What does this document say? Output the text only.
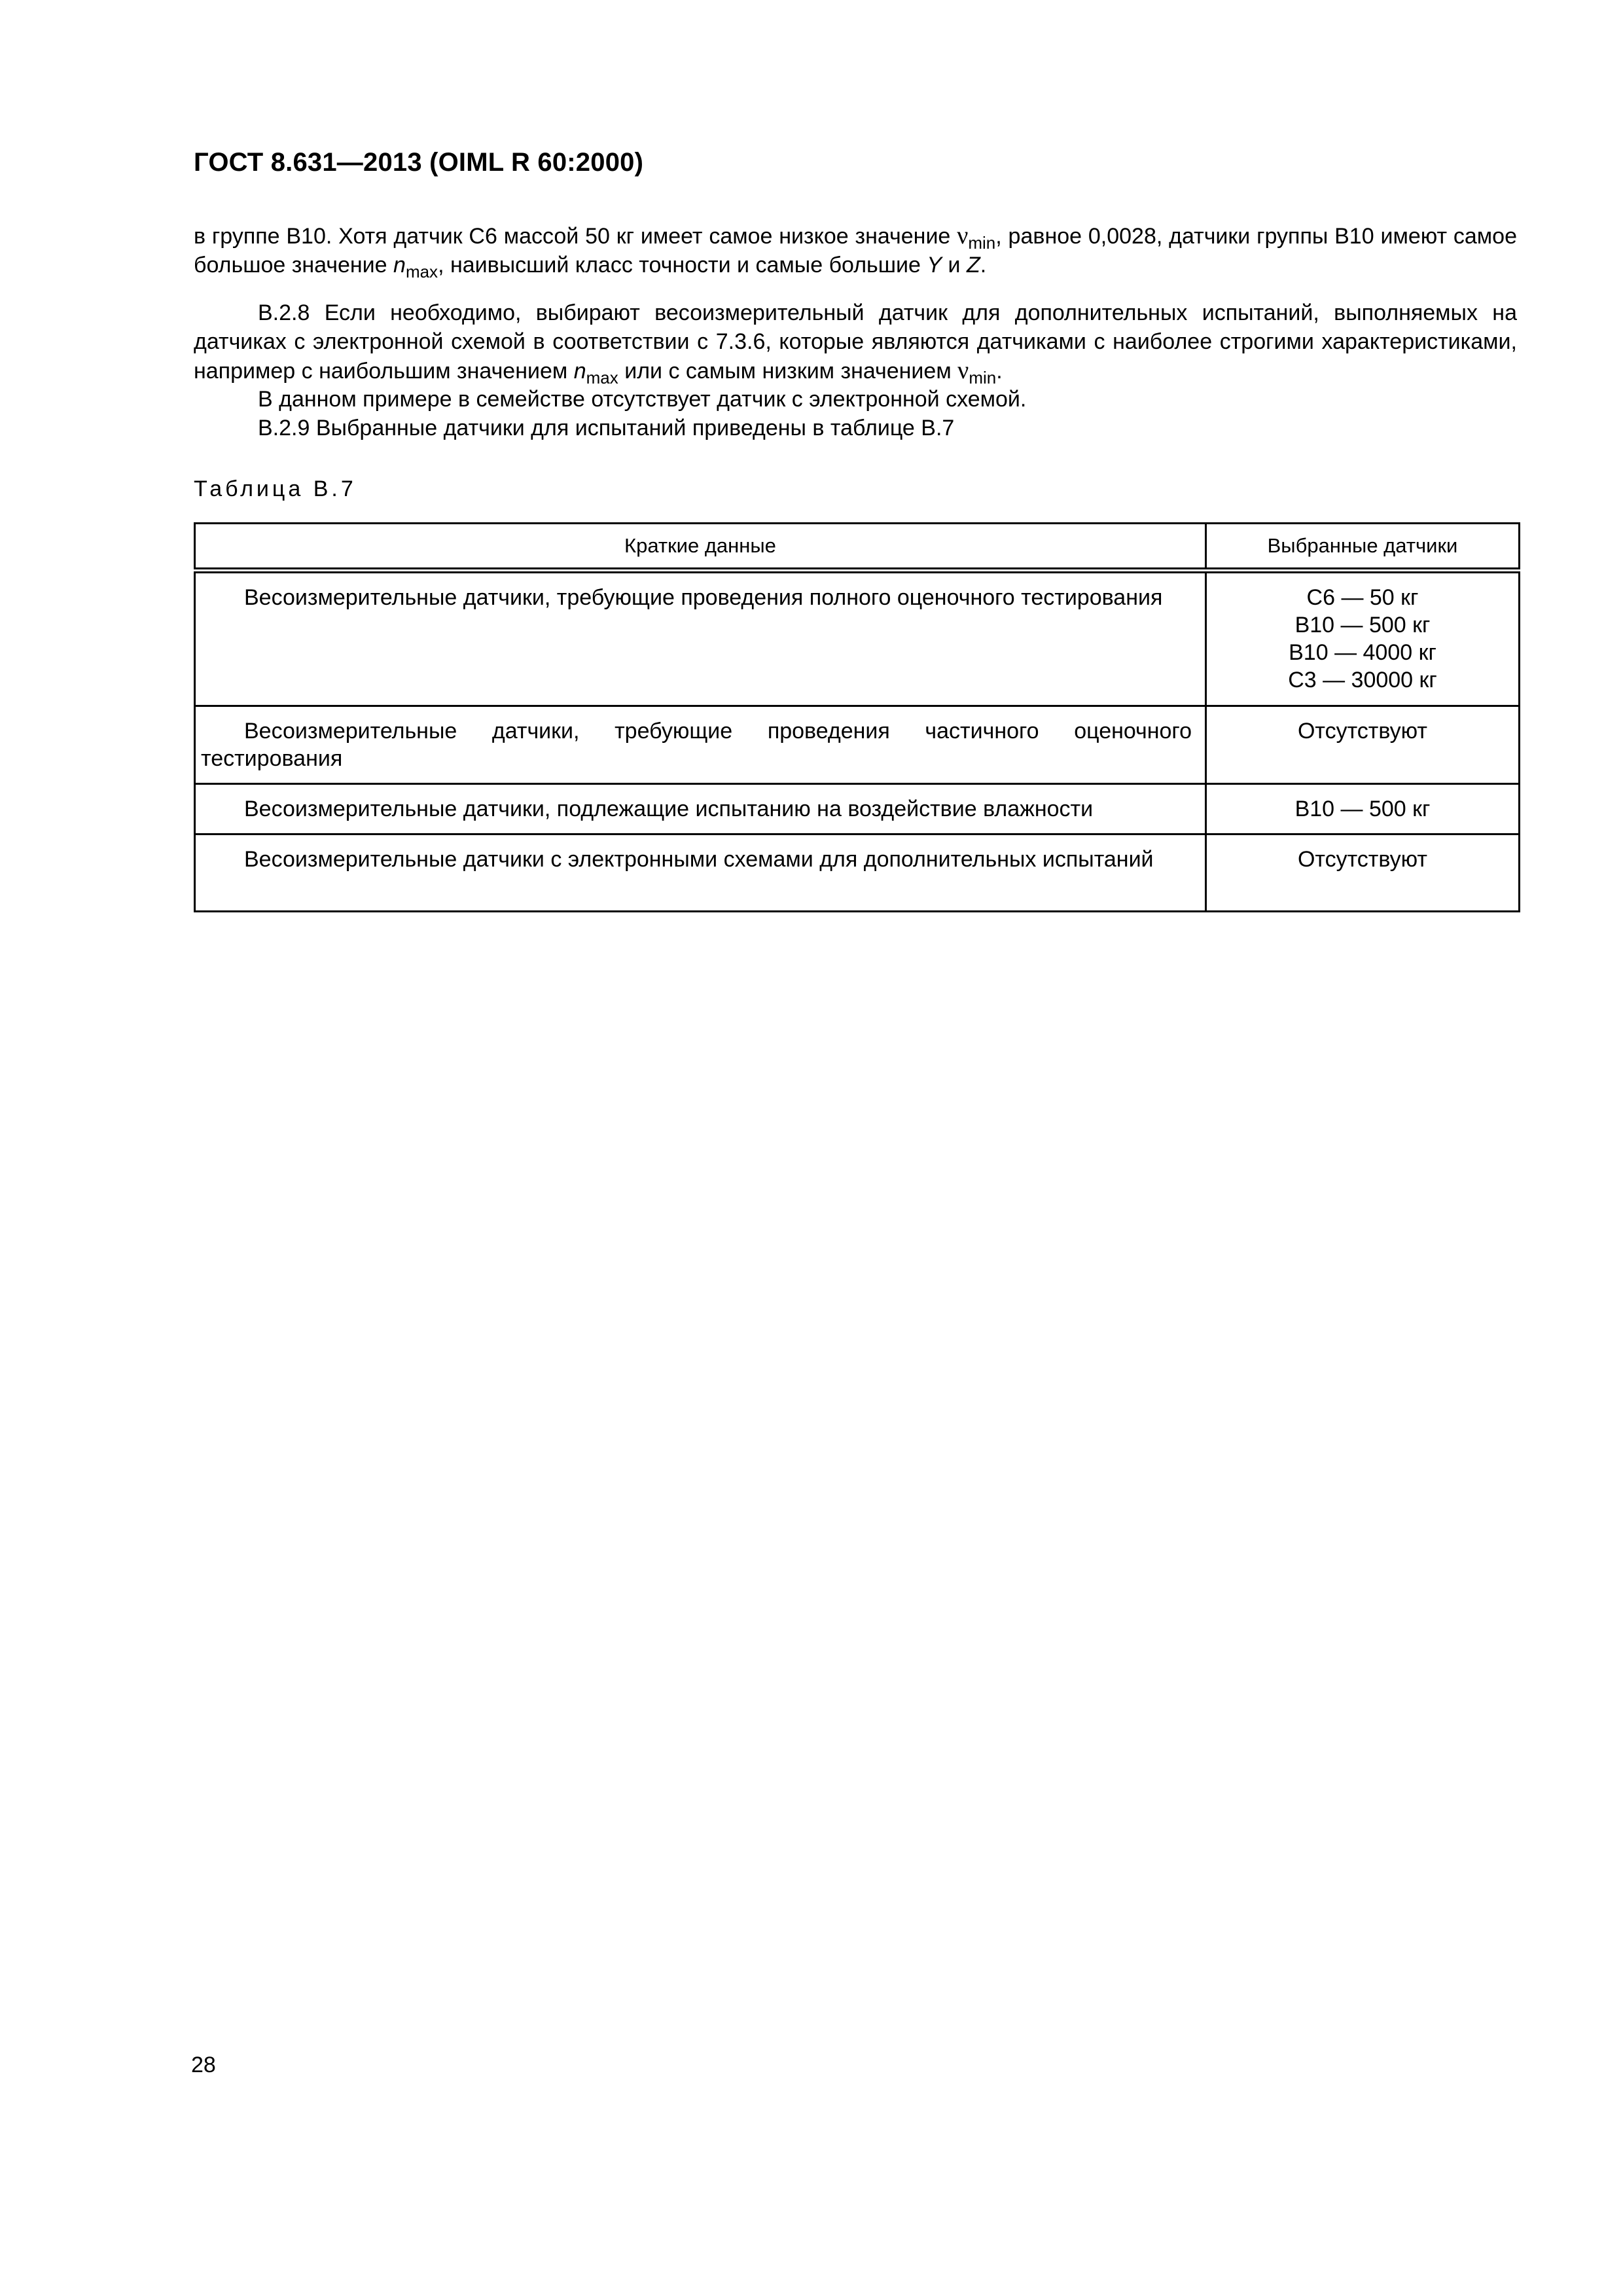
ГОСТ 8.631—2013 (OIML R 60:2000)

в группе В10. Хотя датчик С6 массой 50 кг имеет самое низкое значение $\nu_{min}$, равное 0,0028, датчики группы В10 имеют самое большое значение $n_{max}$, наивысший класс точности и самые большие Y и Z.

В.2.8 Если необходимо, выбирают весоизмерительный датчик для дополнительных испытаний, выполняемых на датчиках с электронной схемой в соответствии с 7.3.6, которые являются датчиками с наиболее строгими характеристиками, например с наибольшим значением $n_{max}$ или с самым низким значением $\nu_{min}$.

В данном примере в семействе отсутствует датчик с электронной схемой.

В.2.9 Выбранные датчики для испытаний приведены в таблице В.7

Таблица В.7

Краткие данные	Выбранные датчики
Весоизмерительные датчики, требующие проведения полного оценочного тестирования	С6 — 50 кг
В10 — 500 кг
В10 — 4000 кг
С3 — 30000 кг

Весоизмерительные датчики, требующие проведения частичного оценочного тестирования	Отсутствуют

Весоизмерительные датчики, подлежащие испытанию на воздействие влажности	В10 — 500 кг

Весоизмерительные датчики с электронными схемами для дополнительных испытаний	Отсутствуют

28
